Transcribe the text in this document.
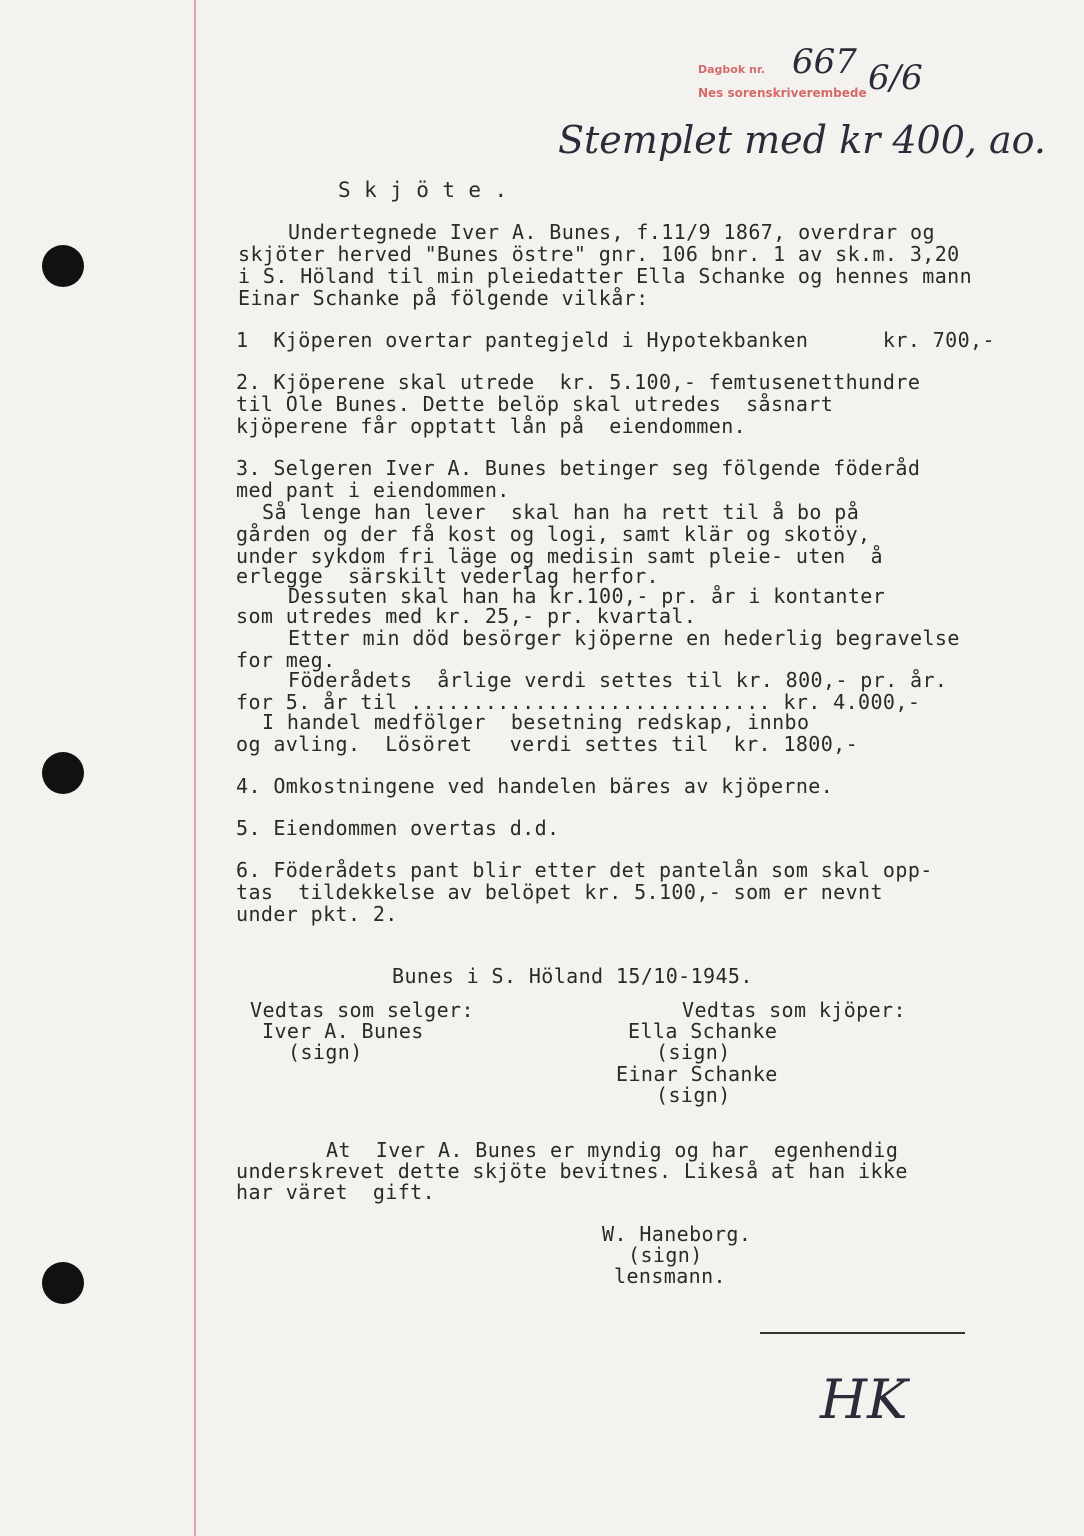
Dagbok nr.
Nes sorenskriverembede
667 6/6
Stemplet med kr 400, ao.
S k j ö t e .
Undertegnede Iver A. Bunes, f.11/9 1867, overdrar og
skjöter herved "Bunes östre" gnr. 106 bnr. 1 av sk.m. 3,20
i S. Höland til min pleiedatter Ella Schanke og hennes mann
Einar Schanke på fölgende vilkår:
1  Kjöperen overtar pantegjeld i Hypotekbanken      kr. 700,-
2. Kjöperene skal utrede  kr. 5.100,- femtusenetthundre
til Ole Bunes. Dette belöp skal utredes  såsnart
kjöperene får opptatt lån på  eiendommen.
3. Selgeren Iver A. Bunes betinger seg fölgende föderåd
med pant i eiendommen.
Så lenge han lever  skal han ha rett til å bo på
gården og der få kost og logi, samt klär og skotöy,
under sykdom fri läge og medisin samt pleie- uten  å
erlegge  särskilt vederlag herfor.
Dessuten skal han ha kr.100,- pr. år i kontanter
som utredes med kr. 25,- pr. kvartal.
Etter min död besörger kjöperne en hederlig begravelse
for meg.
Föderådets  årlige verdi settes til kr. 800,- pr. år.
for 5. år til ............................. kr. 4.000,-
I handel medfölger  besetning redskap, innbo
og avling.  Lösöret   verdi settes til  kr. 1800,-
4. Omkostningene ved handelen bäres av kjöperne.
5. Eiendommen overtas d.d.
6. Föderådets pant blir etter det pantelån som skal opp-
tas  tildekkelse av belöpet kr. 5.100,- som er nevnt
under pkt. 2.
Bunes i S. Höland 15/10-1945.
Vedtas som selger:
Iver A. Bunes
(sign)
Vedtas som kjöper:
Ella Schanke
(sign)
Einar Schanke
(sign)
At  Iver A. Bunes er myndig og har  egenhendig
underskrevet dette skjöte bevitnes. Likeså at han ikke
har väret  gift.
W. Haneborg.
(sign)
lensmann.
HK
